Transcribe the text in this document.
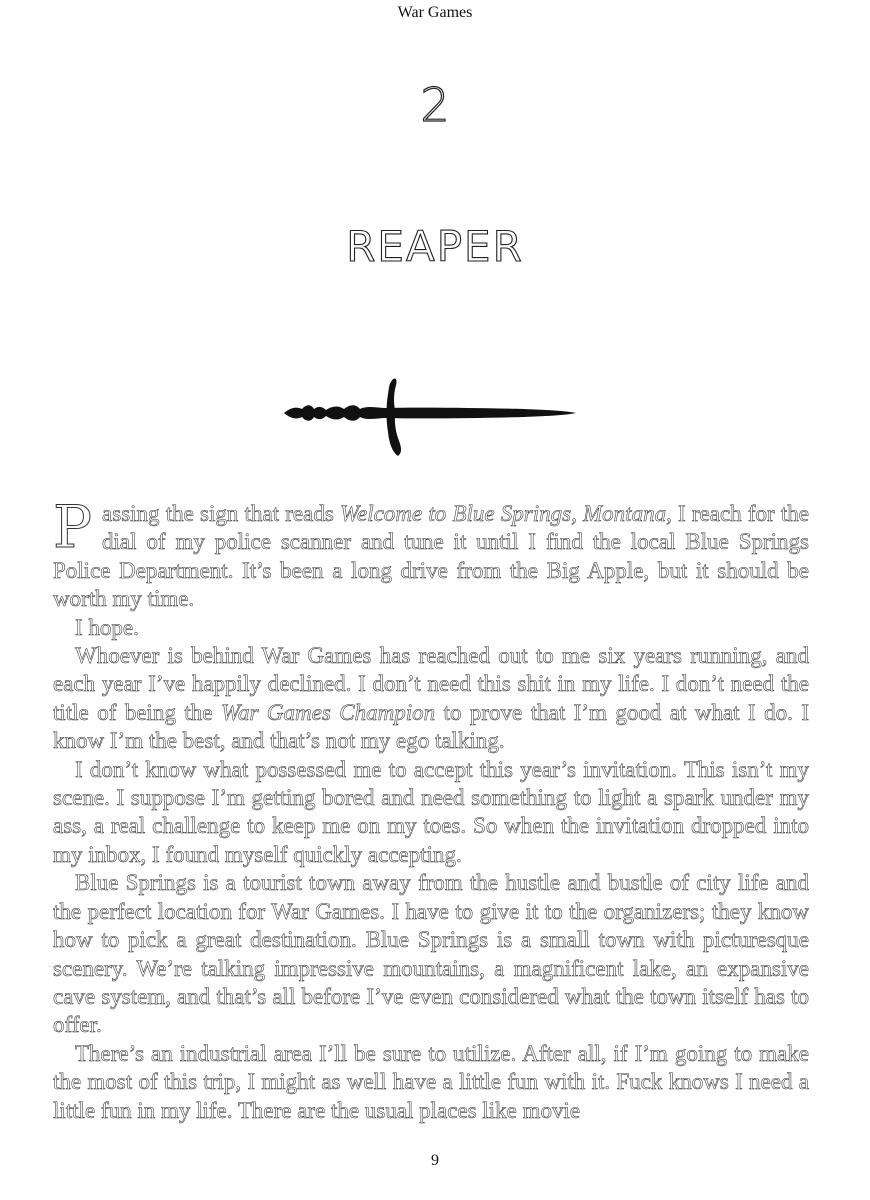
War Games
2
REAPER

Passing the sign that reads Welcome to Blue Springs, Montana, I reach for the dial of my police scanner and tune it until I find the local Blue Springs Police Department. It’s been a long drive from the Big Apple, but it should be worth my time.

I hope.

Whoever is behind War Games has reached out to me six years running, and each year I’ve happily declined. I don’t need this shit in my life. I don’t need the title of being the War Games Champion to prove that I’m good at what I do. I know I’m the best, and that’s not my ego talking.

I don’t know what possessed me to accept this year’s invitation. This isn’t my scene. I suppose I’m getting bored and need something to light a spark under my ass, a real challenge to keep me on my toes. So when the invitation dropped into my inbox, I found myself quickly accepting.

Blue Springs is a tourist town away from the hustle and bustle of city life and the perfect location for War Games. I have to give it to the organizers; they know how to pick a great destination. Blue Springs is a small town with picturesque scenery. We’re talking impressive mountains, a magnificent lake, an expansive cave system, and that’s all before I’ve even considered what the town itself has to offer.

There’s an industrial area I’ll be sure to utilize. After all, if I’m going to make the most of this trip, I might as well have a little fun with it. Fuck knows I need a little fun in my life. There are the usual places like movie

9
